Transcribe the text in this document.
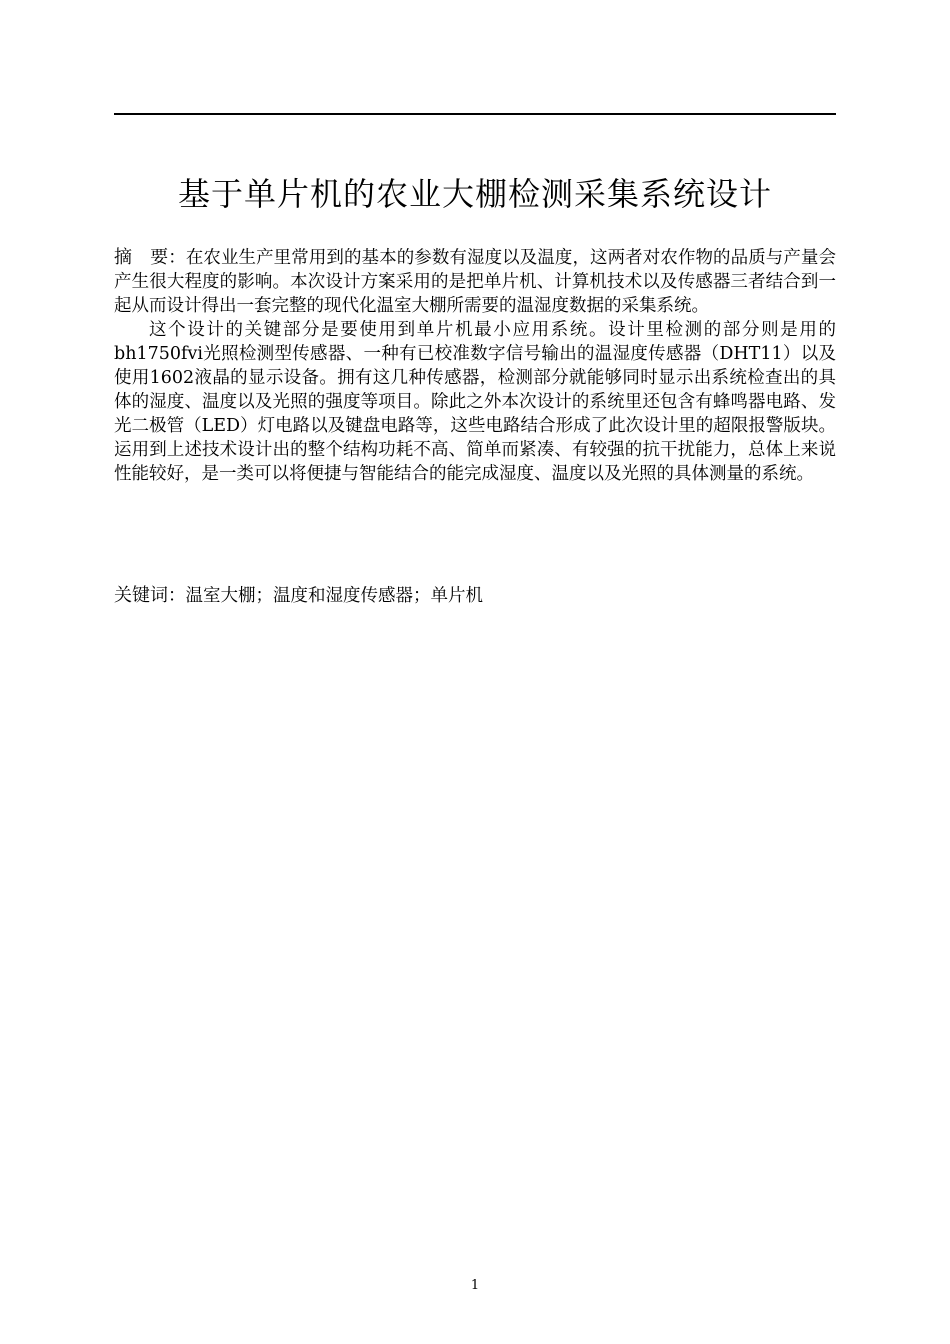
基于单片机的农业大棚检测采集系统设计

摘　要：在农业生产里常用到的基本的参数有湿度以及温度，这两者对农作物的品质与产量会产生很大程度的影响。本次设计方案采用的是把单片机、计算机技术以及传感器三者结合到一起从而设计得出一套完整的现代化温室大棚所需要的温湿度数据的采集系统。

这个设计的关键部分是要使用到单片机最小应用系统。设计里检测的部分则是用的bh1750fvi光照检测型传感器、一种有已校准数字信号输出的温湿度传感器（DHT11）以及使用1602液晶的显示设备。拥有这几种传感器，检测部分就能够同时显示出系统检查出的具体的湿度、温度以及光照的强度等项目。除此之外本次设计的系统里还包含有蜂鸣器电路、发光二极管（LED）灯电路以及键盘电路等，这些电路结合形成了此次设计里的超限报警版块。运用到上述技术设计出的整个结构功耗不高、简单而紧凑、有较强的抗干扰能力，总体上来说性能较好，是一类可以将便捷与智能结合的能完成湿度、温度以及光照的具体测量的系统。

关键词：温室大棚；温度和湿度传感器；单片机
1
